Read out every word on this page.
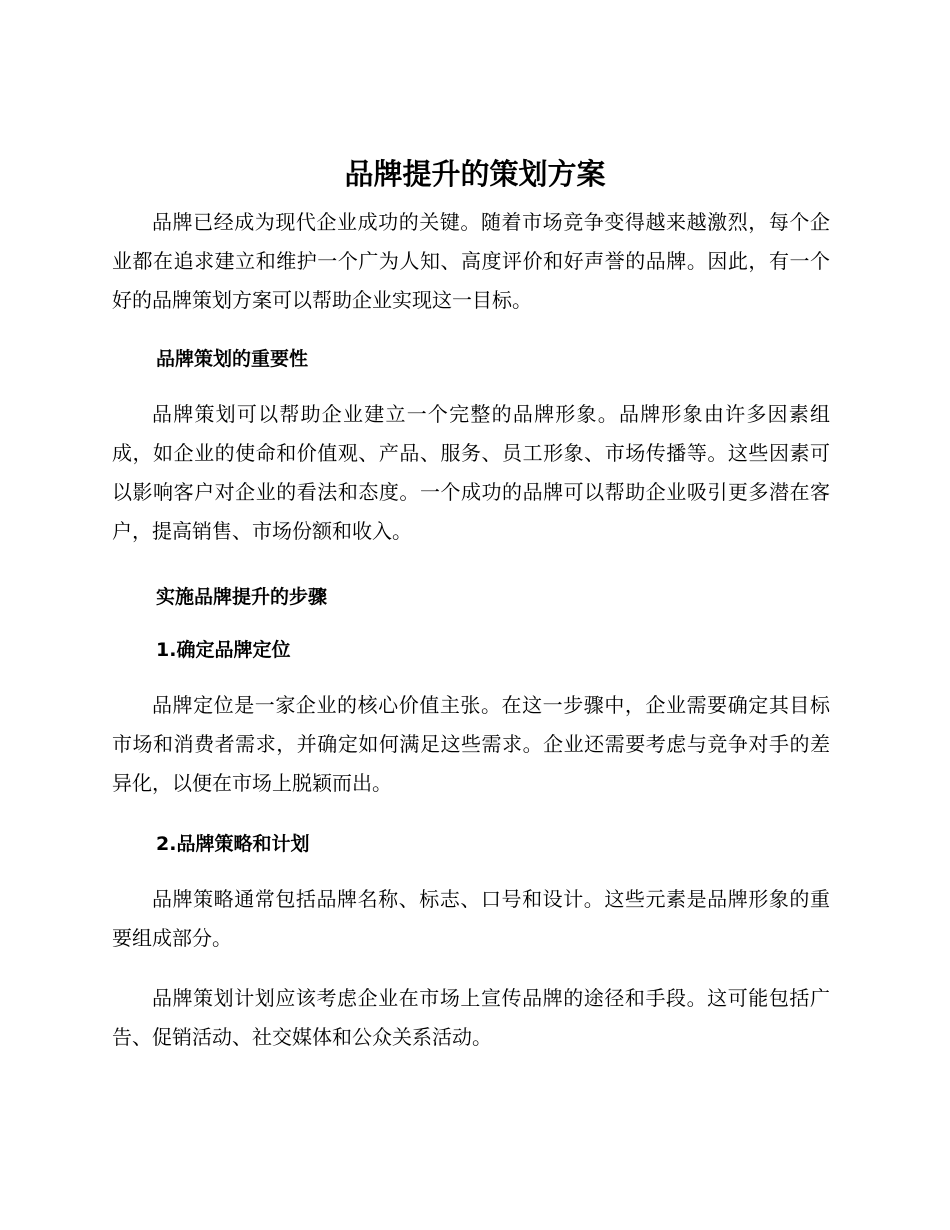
品牌提升的策划方案

品牌已经成为现代企业成功的关键。随着市场竞争变得越来越激烈，每个企业都在追求建立和维护一个广为人知、高度评价和好声誉的品牌。因此，有一个好的品牌策划方案可以帮助企业实现这一目标。

品牌策划的重要性

品牌策划可以帮助企业建立一个完整的品牌形象。品牌形象由许多因素组成，如企业的使命和价值观、产品、服务、员工形象、市场传播等。这些因素可以影响客户对企业的看法和态度。一个成功的品牌可以帮助企业吸引更多潜在客户，提高销售、市场份额和收入。

实施品牌提升的步骤
1.确定品牌定位

品牌定位是一家企业的核心价值主张。在这一步骤中，企业需要确定其目标市场和消费者需求，并确定如何满足这些需求。企业还需要考虑与竞争对手的差异化，以便在市场上脱颖而出。

2.品牌策略和计划

品牌策略通常包括品牌名称、标志、口号和设计。这些元素是品牌形象的重要组成部分。

品牌策划计划应该考虑企业在市场上宣传品牌的途径和手段。这可能包括广告、促销活动、社交媒体和公众关系活动。
